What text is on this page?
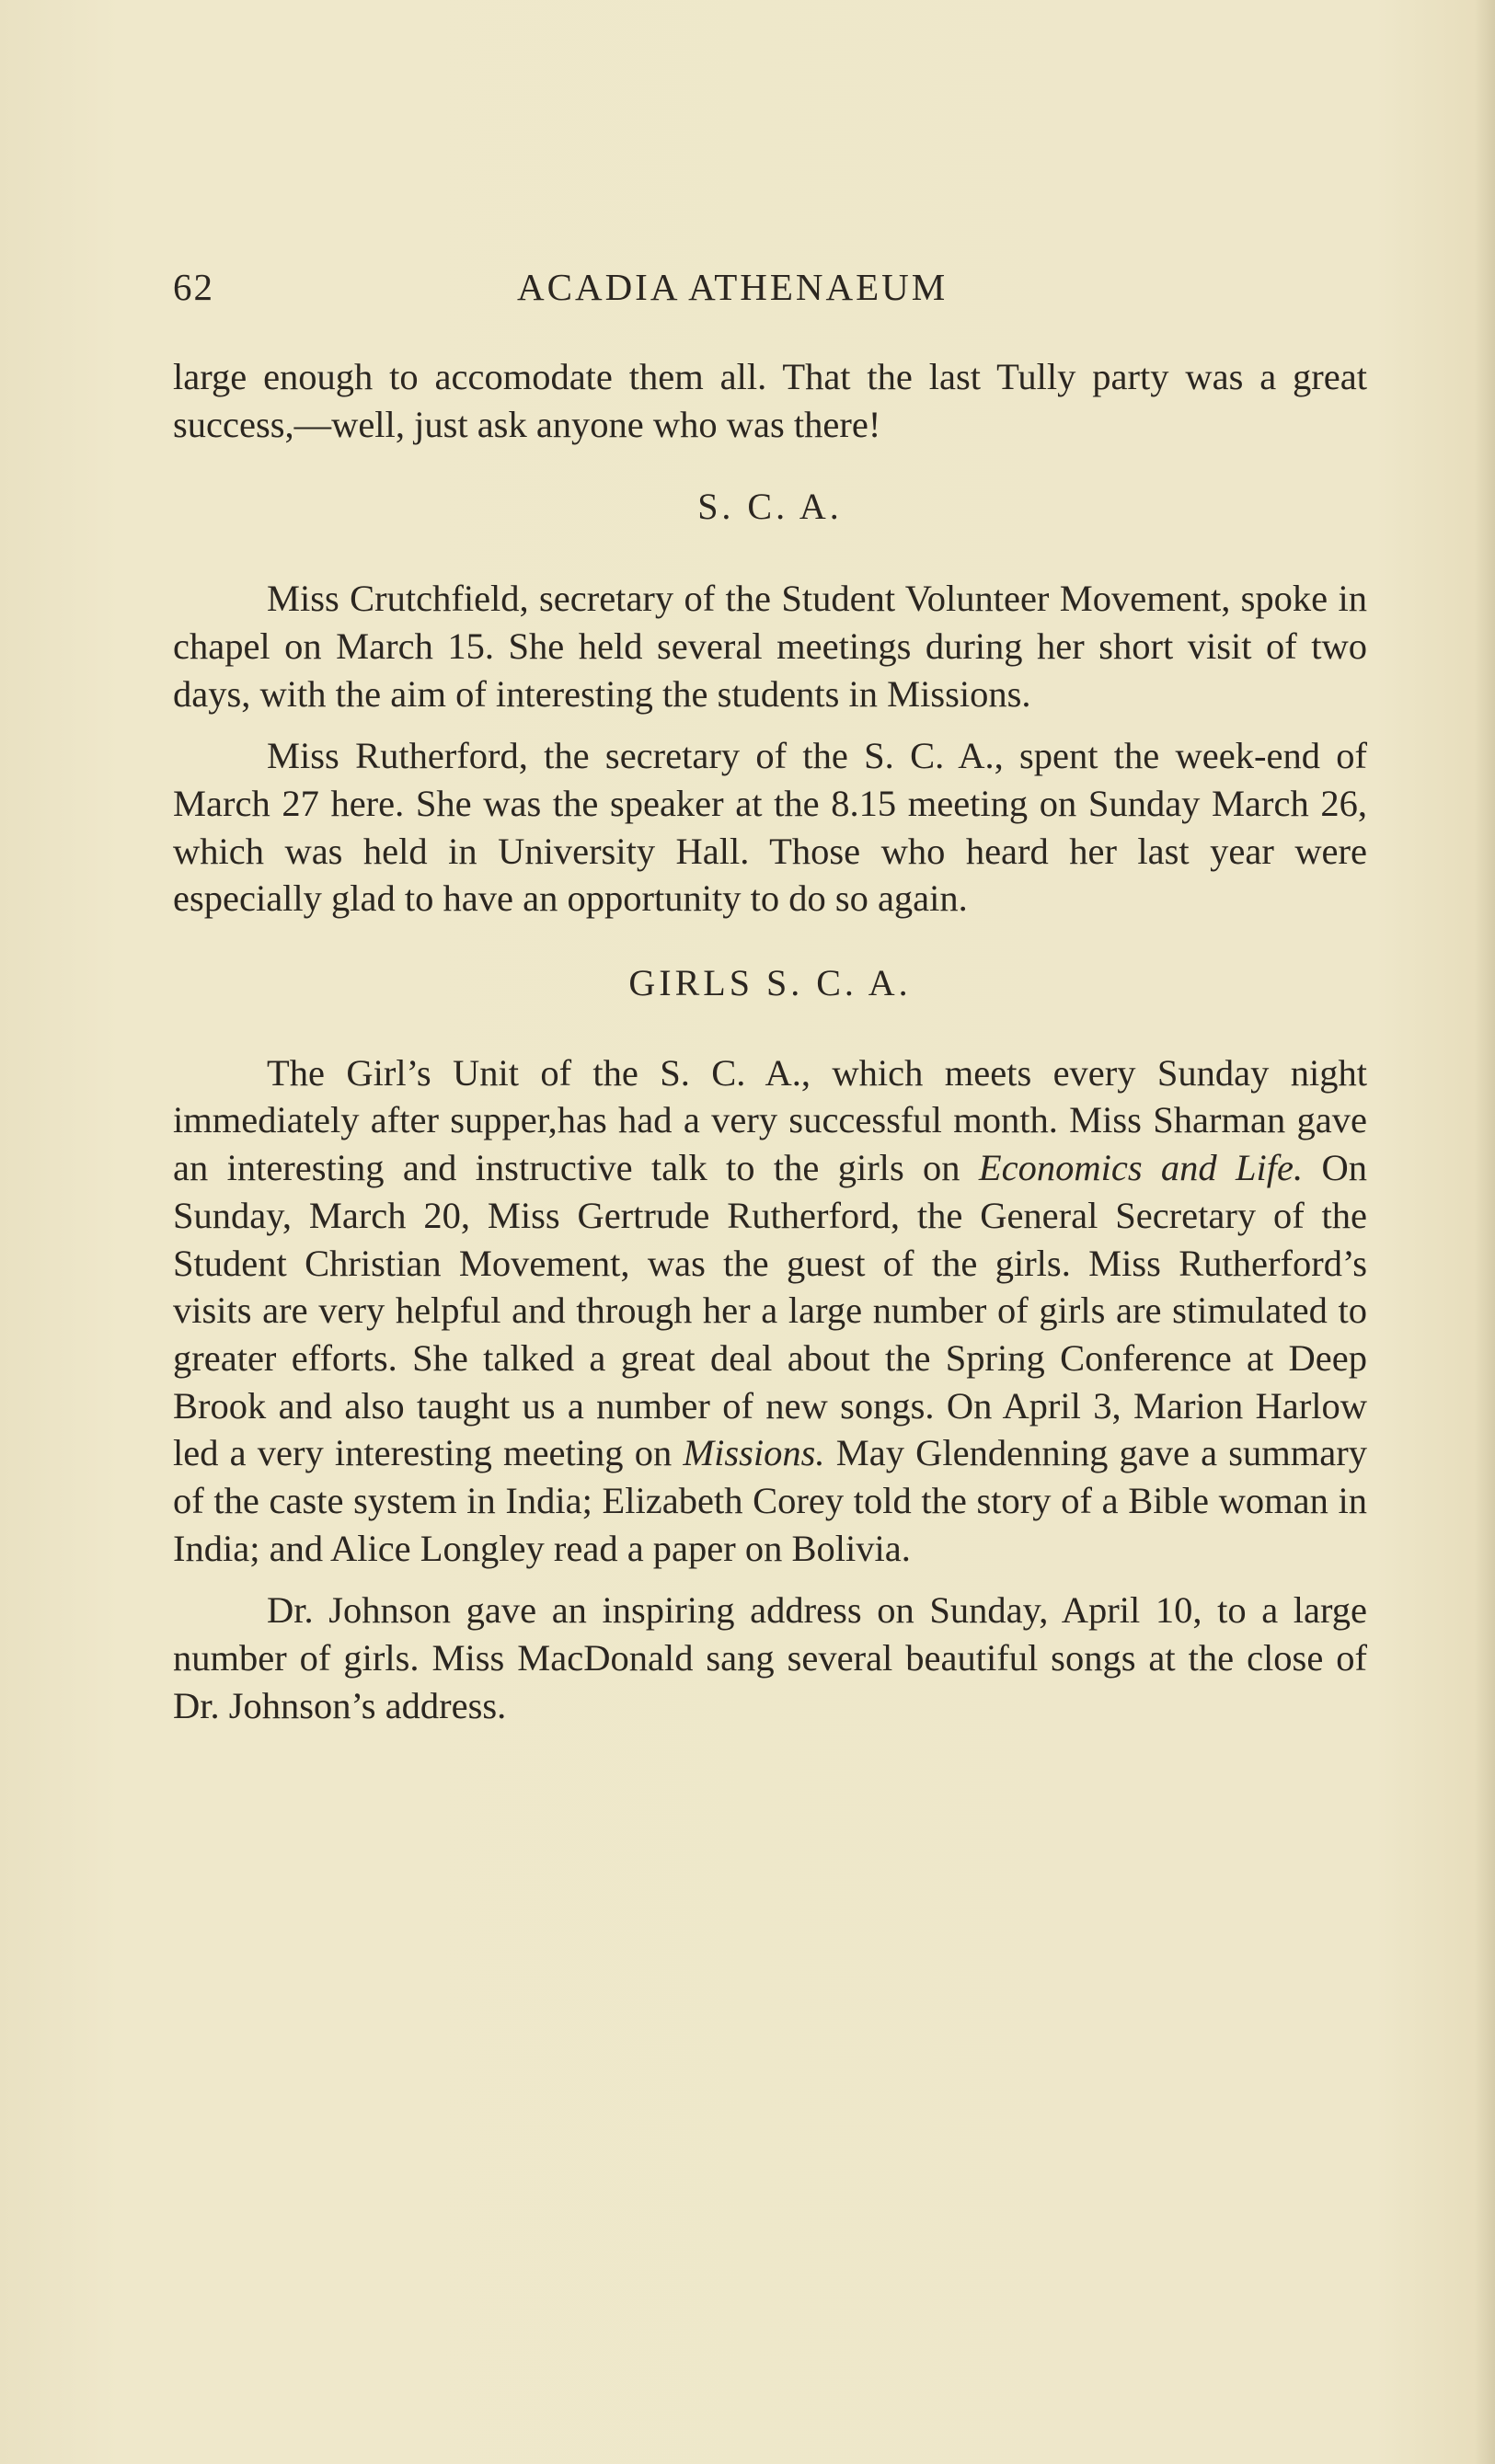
62	ACADIA ATHENAEUM

large enough to accomodate them all. That the last Tully party was a great success,—well, just ask anyone who was there!

S. C. A.

Miss Crutchfield, secretary of the Student Volunteer Movement, spoke in chapel on March 15. She held several meetings during her short visit of two days, with the aim of interesting the students in Missions.

Miss Rutherford, the secretary of the S. C. A., spent the week-end of March 27 here. She was the speaker at the 8.15 meeting on Sunday March 26, which was held in University Hall. Those who heard her last year were especially glad to have an opportunity to do so again.

GIRLS S. C. A.

The Girl’s Unit of the S. C. A., which meets every Sunday night immediately after supper,has had a very successful month. Miss Sharman gave an interesting and instructive talk to the girls on Economics and Life. On Sunday, March 20, Miss Gertrude Rutherford, the General Secretary of the Student Christian Movement, was the guest of the girls. Miss Rutherford’s visits are very helpful and through her a large number of girls are stimulated to greater efforts. She talked a great deal about the Spring Conference at Deep Brook and also taught us a number of new songs. On April 3, Marion Harlow led a very interesting meeting on Missions. May Glendenning gave a summary of the caste system in India; Elizabeth Corey told the story of a Bible woman in India; and Alice Longley read a paper on Bolivia.

Dr. Johnson gave an inspiring address on Sunday, April 10, to a large number of girls. Miss MacDonald sang several beautiful songs at the close of Dr. Johnson’s address.
